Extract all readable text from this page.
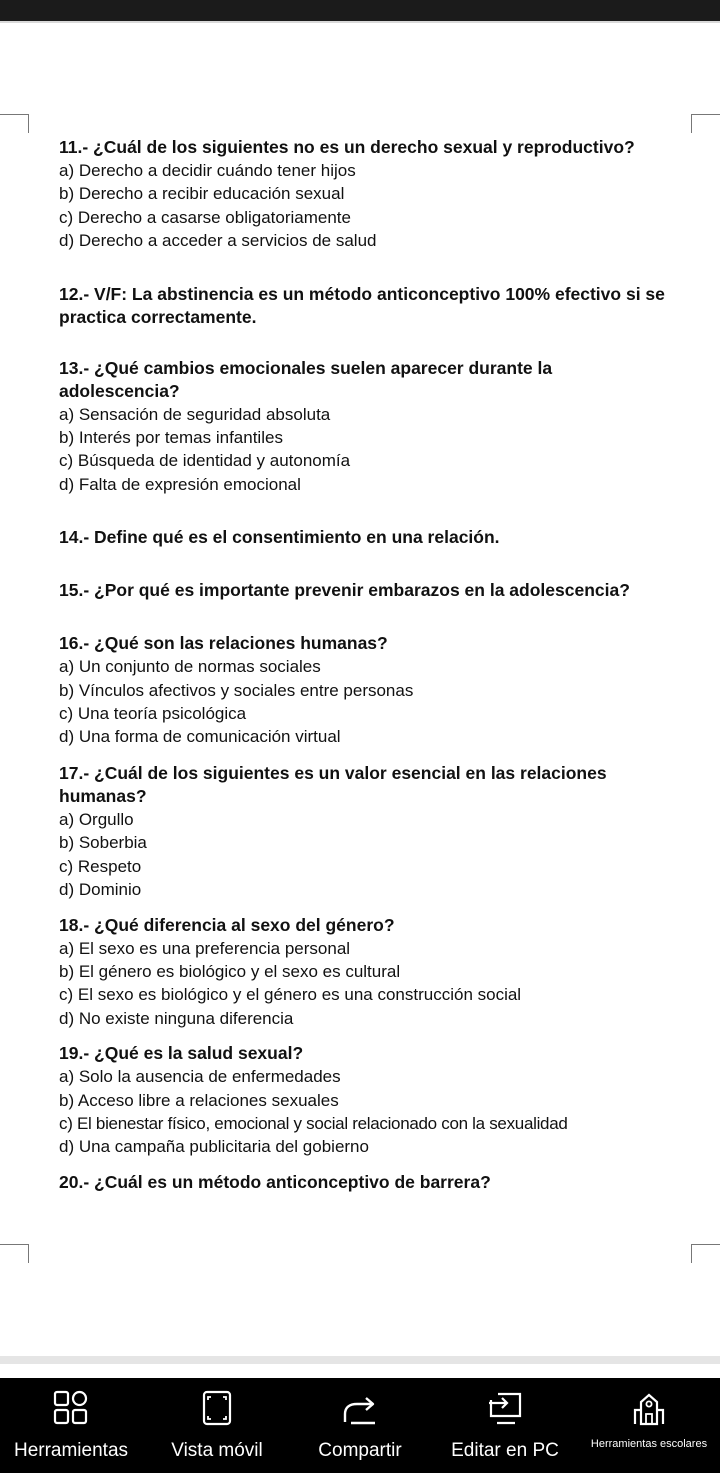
11.- ¿Cuál de los siguientes no es un derecho sexual y reproductivo?
a) Derecho a decidir cuándo tener hijos
b) Derecho a recibir educación sexual
c) Derecho a casarse obligatoriamente
d) Derecho a acceder a servicios de salud
12.- V/F: La abstinencia es un método anticonceptivo 100% efectivo si se practica correctamente.
13.- ¿Qué cambios emocionales suelen aparecer durante la adolescencia?
a) Sensación de seguridad absoluta
b) Interés por temas infantiles
c) Búsqueda de identidad y autonomía
d) Falta de expresión emocional
14.- Define qué es el consentimiento en una relación.
15.- ¿Por qué es importante prevenir embarazos en la adolescencia?
16.- ¿Qué son las relaciones humanas?
a) Un conjunto de normas sociales
b) Vínculos afectivos y sociales entre personas
c) Una teoría psicológica
d) Una forma de comunicación virtual
17.- ¿Cuál de los siguientes es un valor esencial en las relaciones humanas?
a) Orgullo
b) Soberbia
c) Respeto
d) Dominio
18.- ¿Qué diferencia al sexo del género?
a) El sexo es una preferencia personal
b) El género es biológico y el sexo es cultural
c) El sexo es biológico y el género es una construcción social
d) No existe ninguna diferencia
19.- ¿Qué es la salud sexual?
a) Solo la ausencia de enfermedades
b) Acceso libre a relaciones sexuales
c) El bienestar físico, emocional y social relacionado con la sexualidad
d) Una campaña publicitaria del gobierno
20.- ¿Cuál es un método anticonceptivo de barrera?
Herramientas	Vista móvil	Compartir	Editar en PC	Herramientas escolares
